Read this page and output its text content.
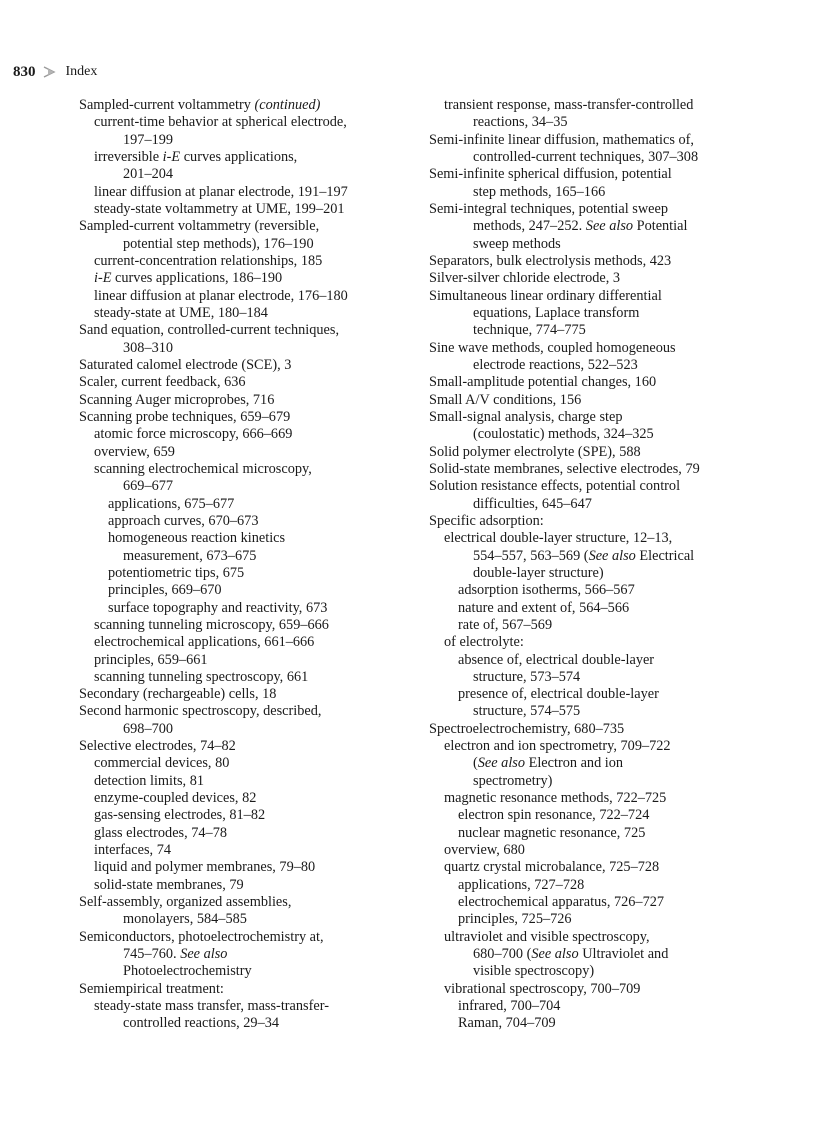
830 Index
Sampled-current voltammetry (continued)
current-time behavior at spherical electrode,
197–199
irreversible i-E curves applications,
201–204
linear diffusion at planar electrode, 191–197
steady-state voltammetry at UME, 199–201
Sampled-current voltammetry (reversible,
potential step methods), 176–190
current-concentration relationships, 185
i-E curves applications, 186–190
linear diffusion at planar electrode, 176–180
steady-state at UME, 180–184
Sand equation, controlled-current techniques,
308–310
Saturated calomel electrode (SCE), 3
Scaler, current feedback, 636
Scanning Auger microprobes, 716
Scanning probe techniques, 659–679
atomic force microscopy, 666–669
overview, 659
scanning electrochemical microscopy,
669–677
applications, 675–677
approach curves, 670–673
homogeneous reaction kinetics
measurement, 673–675
potentiometric tips, 675
principles, 669–670
surface topography and reactivity, 673
scanning tunneling microscopy, 659–666
electrochemical applications, 661–666
principles, 659–661
scanning tunneling spectroscopy, 661
Secondary (rechargeable) cells, 18
Second harmonic spectroscopy, described,
698–700
Selective electrodes, 74–82
commercial devices, 80
detection limits, 81
enzyme-coupled devices, 82
gas-sensing electrodes, 81–82
glass electrodes, 74–78
interfaces, 74
liquid and polymer membranes, 79–80
solid-state membranes, 79
Self-assembly, organized assemblies,
monolayers, 584–585
Semiconductors, photoelectrochemistry at,
745–760. See also
Photoelectrochemistry
Semiempirical treatment:
steady-state mass transfer, mass-transfer-
controlled reactions, 29–34
transient response, mass-transfer-controlled
reactions, 34–35
Semi-infinite linear diffusion, mathematics of,
controlled-current techniques, 307–308
Semi-infinite spherical diffusion, potential
step methods, 165–166
Semi-integral techniques, potential sweep
methods, 247–252. See also Potential
sweep methods
Separators, bulk electrolysis methods, 423
Silver-silver chloride electrode, 3
Simultaneous linear ordinary differential
equations, Laplace transform
technique, 774–775
Sine wave methods, coupled homogeneous
electrode reactions, 522–523
Small-amplitude potential changes, 160
Small A/V conditions, 156
Small-signal analysis, charge step
(coulostatic) methods, 324–325
Solid polymer electrolyte (SPE), 588
Solid-state membranes, selective electrodes, 79
Solution resistance effects, potential control
difficulties, 645–647
Specific adsorption:
electrical double-layer structure, 12–13,
554–557, 563–569 (See also Electrical
double-layer structure)
adsorption isotherms, 566–567
nature and extent of, 564–566
rate of, 567–569
of electrolyte:
absence of, electrical double-layer
structure, 573–574
presence of, electrical double-layer
structure, 574–575
Spectroelectrochemistry, 680–735
electron and ion spectrometry, 709–722
(See also Electron and ion
spectrometry)
magnetic resonance methods, 722–725
electron spin resonance, 722–724
nuclear magnetic resonance, 725
overview, 680
quartz crystal microbalance, 725–728
applications, 727–728
electrochemical apparatus, 726–727
principles, 725–726
ultraviolet and visible spectroscopy,
680–700 (See also Ultraviolet and
visible spectroscopy)
vibrational spectroscopy, 700–709
infrared, 700–704
Raman, 704–709
